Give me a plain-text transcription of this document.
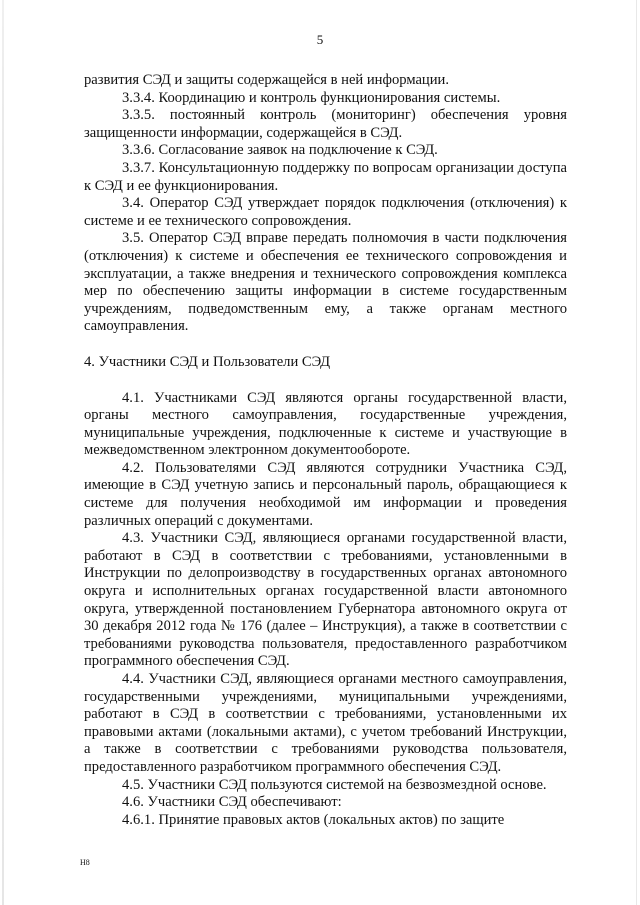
5

развития СЭД и защиты содержащейся в ней информации.

3.3.4. Координацию и контроль функционирования системы.

3.3.5. постоянный контроль (мониторинг) обеспечения уровня защищенности информации, содержащейся в СЭД.

3.3.6. Согласование заявок на подключение к СЭД.

3.3.7. Консультационную поддержку по вопросам организации доступа к СЭД и ее функционирования.

3.4. Оператор СЭД утверждает порядок подключения (отключения) к системе и ее технического сопровождения.

3.5. Оператор СЭД вправе передать полномочия в части подключения (отключения) к системе и обеспечения ее технического сопровождения и эксплуатации, а также внедрения и технического сопровождения комплекса мер по обеспечению защиты информации в системе государственным учреждениям, подведомственным ему, а также органам местного самоуправления.

4. Участники СЭД и Пользователи СЭД

4.1. Участниками СЭД являются органы государственной власти, органы местного самоуправления, государственные учреждения, муниципальные учреждения, подключенные к системе и участвующие в межведомственном электронном документообороте.

4.2. Пользователями СЭД являются сотрудники Участника СЭД, имеющие в СЭД учетную запись и персональный пароль, обращающиеся к системе для получения необходимой им информации и проведения различных операций с документами.

4.3. Участники СЭД, являющиеся органами государственной власти, работают в СЭД в соответствии с требованиями, установленными в Инструкции по делопроизводству в государственных органах автономного округа и исполнительных органах государственной власти автономного округа, утвержденной постановлением Губернатора автономного округа от 30 декабря 2012 года № 176 (далее – Инструкция), а также в соответствии с требованиями руководства пользователя, предоставленного разработчиком программного обеспечения СЭД.

4.4. Участники СЭД, являющиеся органами местного самоуправления, государственными учреждениями, муниципальными учреждениями, работают в СЭД в соответствии с требованиями, установленными их правовыми актами (локальными актами), с учетом требований Инструкции, а также в соответствии с требованиями руководства пользователя, предоставленного разработчиком программного обеспечения СЭД.

4.5. Участники СЭД пользуются системой на безвозмездной основе.

4.6. Участники СЭД обеспечивают:

4.6.1. Принятие правовых актов (локальных актов) по защите

H8
